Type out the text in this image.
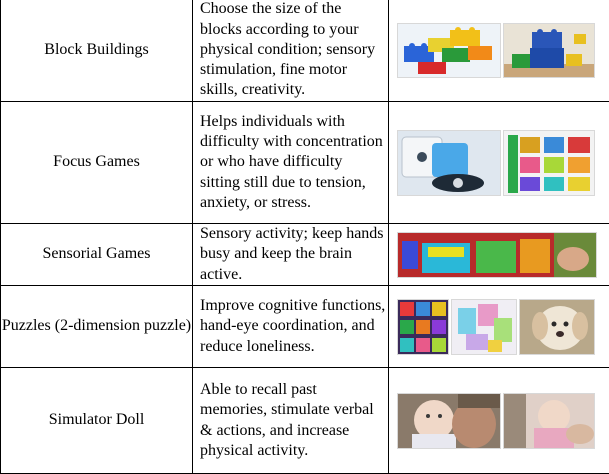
Block Buildings	Choose the size of the blocks according to your physical condition; sensory stimulation, fine motor skills, creativity.	

Focus Games	Helps individuals with difficulty with concentration or who have difficulty sitting still due to tension, anxiety, or stress.	

Sensorial Games	Sensory activity; keep hands busy and keep the brain active.	

Puzzles (2-dimension puzzle)	Improve cognitive functions, hand-eye coordination, and reduce loneliness.	

Simulator Doll	Able to recall past memories, stimulate verbal & actions, and increase physical activity.	
